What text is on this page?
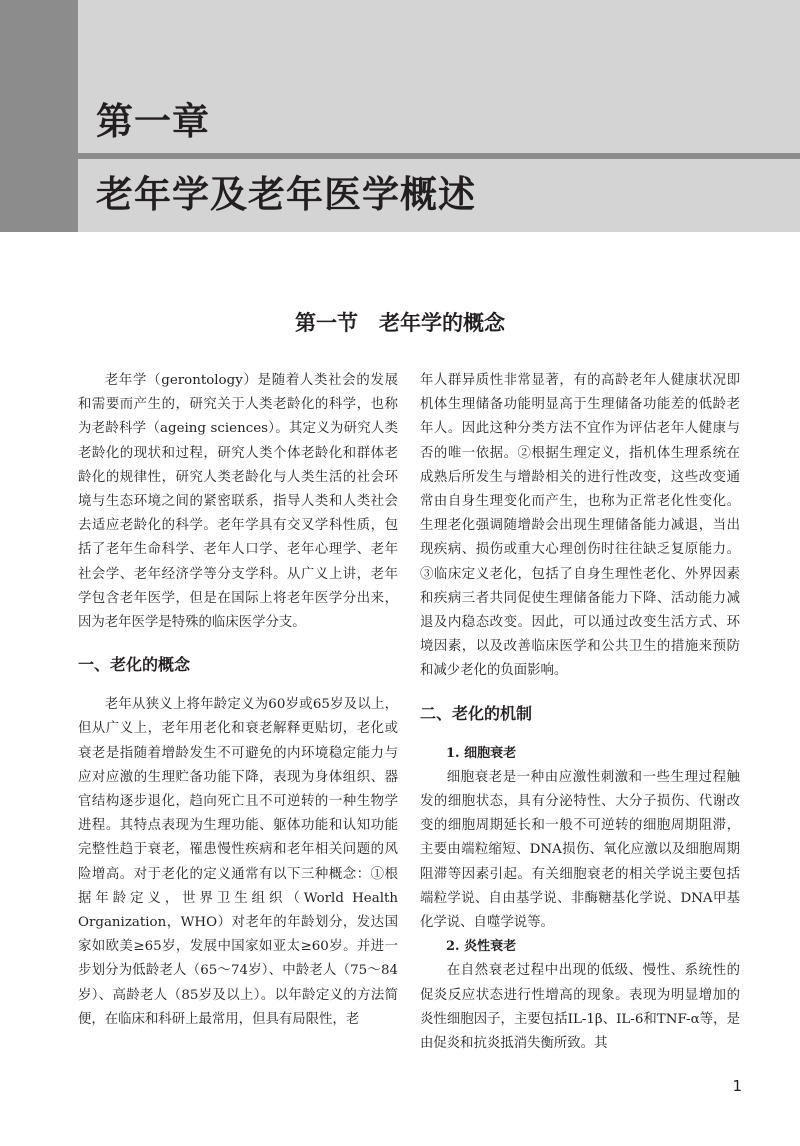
第一章
老年学及老年医学概述
第一节　老年学的概念

老年学（gerontology）是随着人类社会的发展和需要而产生的，研究关于人类老龄化的科学，也称为老龄科学（ageing sciences）。其定义为研究人类老龄化的现状和过程，研究人类个体老龄化和群体老龄化的规律性，研究人类老龄化与人类生活的社会环境与生态环境之间的紧密联系，指导人类和人类社会去适应老龄化的科学。老年学具有交叉学科性质，包括了老年生命科学、老年人口学、老年心理学、老年社会学、老年经济学等分支学科。从广义上讲，老年学包含老年医学，但是在国际上将老年医学分出来，因为老年医学是特殊的临床医学分支。

一、老化的概念

老年从狭义上将年龄定义为60岁或65岁及以上，但从广义上，老年用老化和衰老解释更贴切，老化或衰老是指随着增龄发生不可避免的内环境稳定能力与应对应激的生理贮备功能下降，表现为身体组织、器官结构逐步退化，趋向死亡且不可逆转的一种生物学进程。其特点表现为生理功能、躯体功能和认知功能完整性趋于衰老，罹患慢性疾病和老年相关问题的风险增高。对于老化的定义通常有以下三种概念：①根据年龄定义，世界卫生组织（World Health Organization，WHO）对老年的年龄划分，发达国家如欧美≥65岁，发展中国家如亚太≥60岁。并进一步划分为低龄老人（65～74岁）、中龄老人（75～84岁）、高龄老人（85岁及以上）。以年龄定义的方法简便，在临床和科研上最常用，但具有局限性，老

年人群异质性非常显著，有的高龄老年人健康状况即机体生理储备功能明显高于生理储备功能差的低龄老年人。因此这种分类方法不宜作为评估老年人健康与否的唯一依据。②根据生理定义，指机体生理系统在成熟后所发生与增龄相关的进行性改变，这些改变通常由自身生理变化而产生，也称为正常老化性变化。生理老化强调随增龄会出现生理储备能力减退，当出现疾病、损伤或重大心理创伤时往往缺乏复原能力。③临床定义老化，包括了自身生理性老化、外界因素和疾病三者共同促使生理储备能力下降、活动能力减退及内稳态改变。因此，可以通过改变生活方式、环境因素，以及改善临床医学和公共卫生的措施来预防和减少老化的负面影响。

二、老化的机制
1. 细胞衰老

细胞衰老是一种由应激性刺激和一些生理过程触发的细胞状态，具有分泌特性、大分子损伤、代谢改变的细胞周期延长和一般不可逆转的细胞周期阻滞，主要由端粒缩短、DNA损伤、氧化应激以及细胞周期阻滞等因素引起。有关细胞衰老的相关学说主要包括端粒学说、自由基学说、非酶糖基化学说、DNA甲基化学说、自噬学说等。

2. 炎性衰老

在自然衰老过程中出现的低级、慢性、系统性的促炎反应状态进行性增高的现象。表现为明显增加的炎性细胞因子，主要包括IL-1β、IL-6和TNF-α等，是由促炎和抗炎抵消失衡所致。其

1
